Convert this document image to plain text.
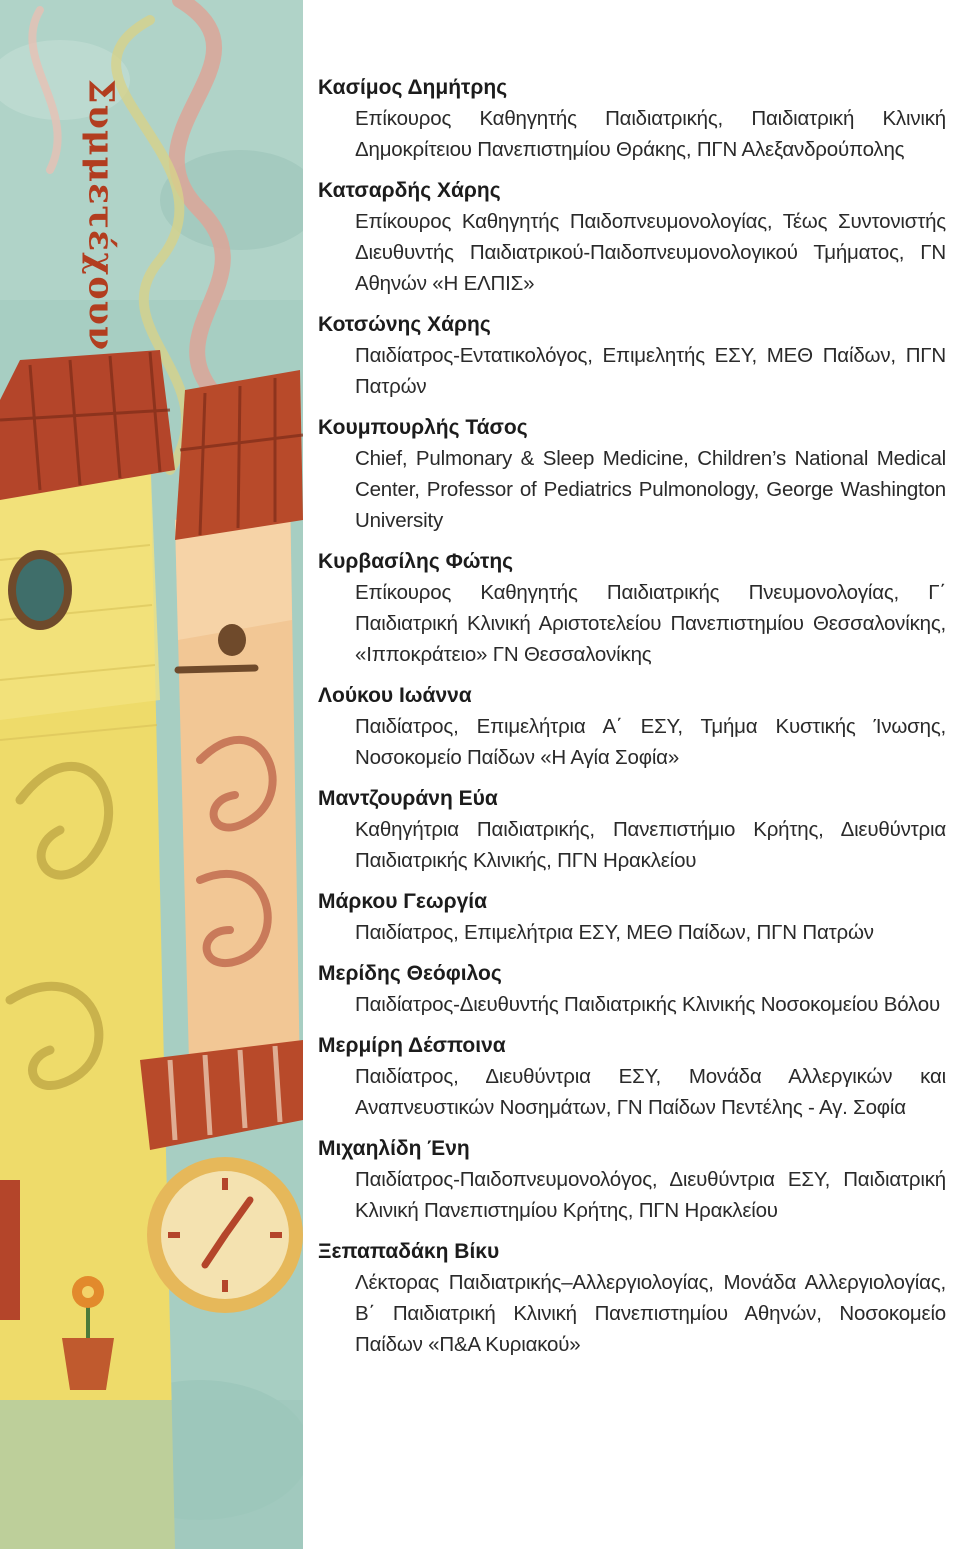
Συμμετέχουν	Κασίμος Δημήτρης

Επίκουρος Καθηγητής Παιδιατρικής, Παιδιατρική Κλινική Δημοκρίτειου Πανεπιστημίου Θράκης, ΠΓΝ Αλεξανδρούπολης

Κατσαρδής Χάρης

Επίκουρος Καθηγητής Παιδοπνευμονολογίας, Τέως Συντονιστής Διευθυντής Παιδιατρικού-Παιδοπνευμονολογικού Τμήματος, ΓΝ Αθηνών «Η ΕΛΠΙΣ»

Κοτσώνης Χάρης

Παιδίατρος-Εντατικολόγος, Επιμελητής ΕΣΥ, ΜΕΘ Παίδων, ΠΓΝ Πατρών

Κουμπουρλής Τάσος

Chief, Pulmonary & Sleep Medicine, Children’s National Medical Center, Professor of Pediatrics Pulmonology, George Washington University

Κυρβασίλης Φώτης

Επίκουρος Καθηγητής Παιδιατρικής Πνευμονολογίας, Γ΄ Παιδιατρική Κλινική Αριστοτελείου Πανεπιστημίου Θεσσαλονίκης, «Ιπποκράτειο» ΓΝ Θεσσαλονίκης

Λούκου Ιωάννα

Παιδίατρος, Επιμελήτρια Α΄ ΕΣΥ, Τμήμα Κυστικής Ίνωσης, Νοσοκομείο Παίδων «Η Αγία Σοφία»

Μαντζουράνη Εύα

Καθηγήτρια Παιδιατρικής, Πανεπιστήμιο Κρήτης, Διευθύντρια Παιδιατρικής Κλινικής, ΠΓΝ Ηρακλείου

Μάρκου Γεωργία

Παιδίατρος, Επιμελήτρια ΕΣΥ, ΜΕΘ Παίδων, ΠΓΝ Πατρών

Μερίδης Θεόφιλος

Παιδίατρος-Διευθυντής Παιδιατρικής Κλινικής Νοσοκομείου Βόλου

Μερμίρη Δέσποινα

Παιδίατρος, Διευθύντρια ΕΣΥ, Μονάδα Αλλεργικών και Αναπνευστικών Νοσημάτων, ΓΝ Παίδων Πεντέλης - Αγ. Σοφία

Μιχαηλίδη Ένη

Παιδίατρος-Παιδοπνευμονολόγος, Διευθύντρια ΕΣΥ, Παιδιατρική Κλινική Πανεπιστημίου Κρήτης, ΠΓΝ Ηρακλείου

Ξεπαπαδάκη Βίκυ

Λέκτορας Παιδιατρικής–Αλλεργιολογίας, Μονάδα Αλλεργιολογίας, Β΄ Παιδιατρική Κλινική Πανεπιστημίου Αθηνών, Νοσοκομείο Παίδων «Π&Α Κυριακού»
